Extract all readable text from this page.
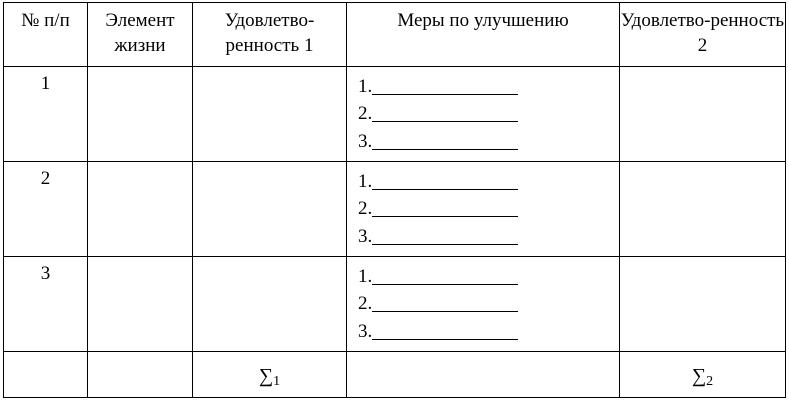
№ п/п	Элемент жизни	Удовлетво-ренность 1	Меры по улучшению	Удовлетво-ренность 2
1			1.
2.
3.	

2			1.
2.
3.	

3			1.
2.
3.	

		$\sum_1$		$\sum_2$
